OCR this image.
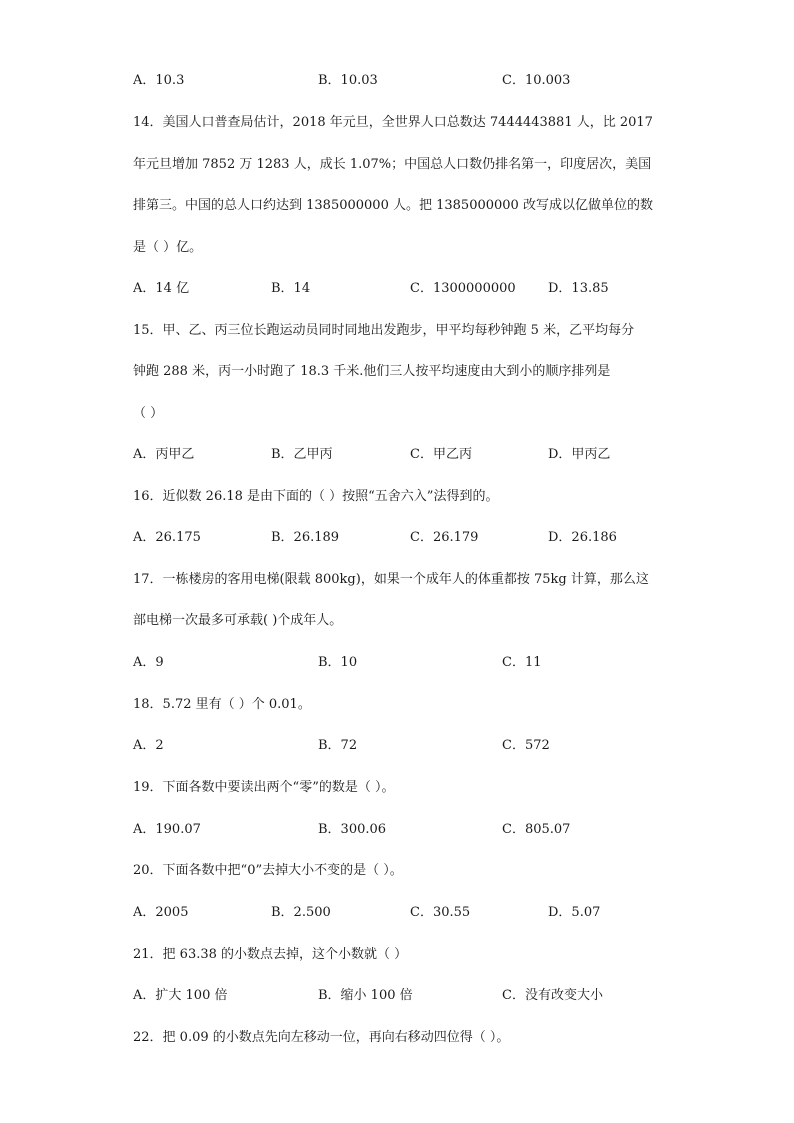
A．10.3	B．10.03	C．10.003
14．美国人口普查局估计，2018 年元旦，全世界人口总数达 7444443881 人，比 2017
年元旦增加 7852 万 1283 人，成长 1.07%；中国总人口数仍排名第一，印度居次，美国
排第三。中国的总人口约达到 1385000000 人。把 1385000000 改写成以亿做单位的数
是（ ）亿。
A．14 亿	B．14	C．1300000000 D．13.85
15．甲、乙、丙三位长跑运动员同时同地出发跑步，甲平均每秒钟跑 5 米，乙平均每分
钟跑 288 米，丙一小时跑了 18.3 千米.他们三人按平均速度由大到小的顺序排列是
（ ）
A．丙甲乙	B．乙甲丙	C．甲乙丙	D．甲丙乙
16．近似数 26.18 是由下面的（ ）按照“五舍六入”法得到的。
A．26.175	B．26.189	C．26.179	D．26.186
17．一栋楼房的客用电梯(限载 800kg)，如果一个成年人的体重都按 75kg 计算，那么这
部电梯一次最多可承载( )个成年人。
A．9	B．10	C．11
18．5.72 里有（ ）个 0.01。
A．2	B．72	C．572
19．下面各数中要读出两个“零”的数是（ ）。
A．190.07	B．300.06	C．805.07
20．下面各数中把“0”去掉大小不变的是（ ）。
A．2005	B．2.500	C．30.55	D．5.07
21．把 63.38 的小数点去掉，这个小数就（ ）
A．扩大 100 倍	B．缩小 100 倍	C．没有改变大小
22．把 0.09 的小数点先向左移动一位，再向右移动四位得（ ）。
